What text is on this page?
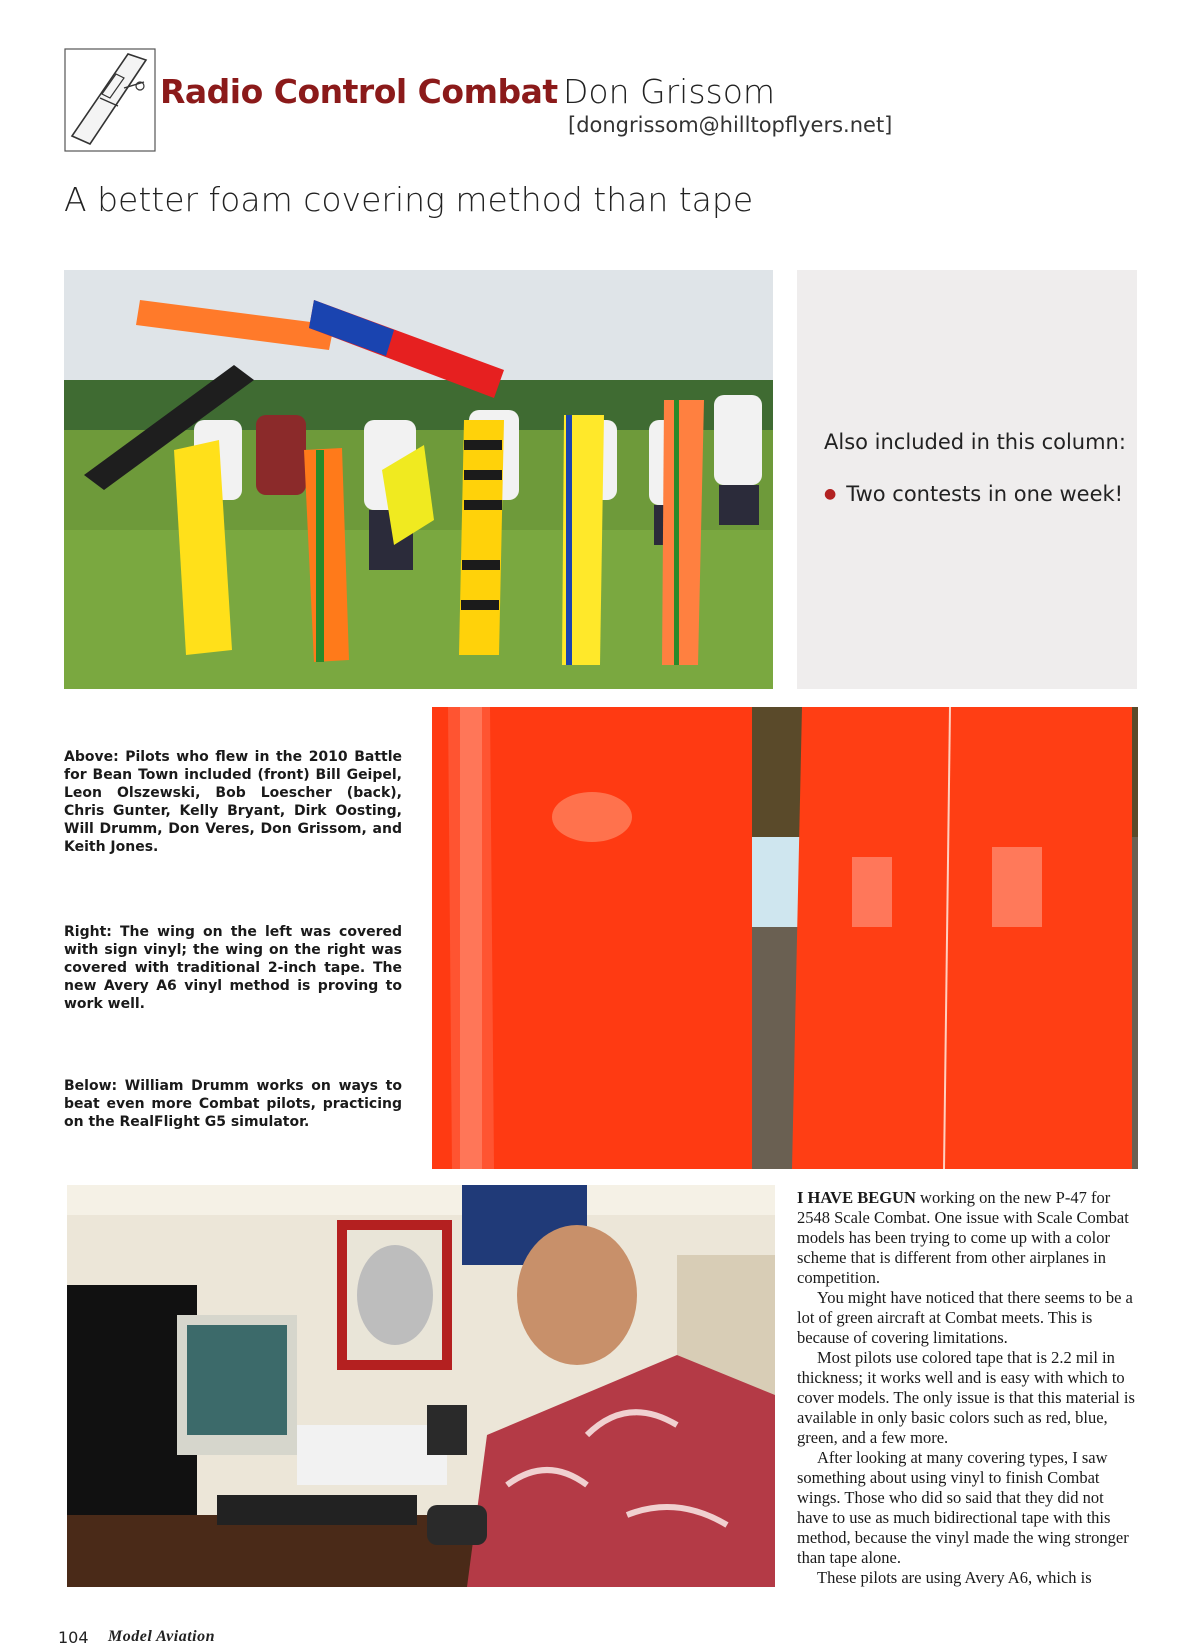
Radio Control Combat Don Grissom
[dongrissom@hilltopflyers.net]
A better foam covering method than tape
Also included in this column:
● Two contests in one week!
Above: Pilots who flew in the 2010 Battle for Bean Town included (front) Bill Geipel, Leon Olszewski, Bob Loescher (back), Chris Gunter, Kelly Bryant, Dirk Oosting, Will Drumm, Don Veres, Don Grissom, and Keith Jones.
Right: The wing on the left was covered with sign vinyl; the wing on the right was covered with traditional 2-inch tape. The new Avery A6 vinyl method is proving to work well.
Below: William Drumm works on ways to beat even more Combat pilots, practicing on the RealFlight G5 simulator.

I HAVE BEGUN working on the new P-47 for 2548 Scale Combat. One issue with Scale Combat models has been trying to come up with a color scheme that is different from other airplanes in competition.

You might have noticed that there seems to be a lot of green aircraft at Combat meets. This is because of covering limitations.

Most pilots use colored tape that is 2.2 mil in thickness; it works well and is easy with which to cover models. The only issue is that this material is available in only basic colors such as red, blue, green, and a few more.

After looking at many covering types, I saw something about using vinyl to finish Combat wings. Those who did so said that they did not have to use as much bidirectional tape with this method, because the vinyl made the wing stronger than tape alone.

These pilots are using Avery A6, which is

104 Model Aviation
